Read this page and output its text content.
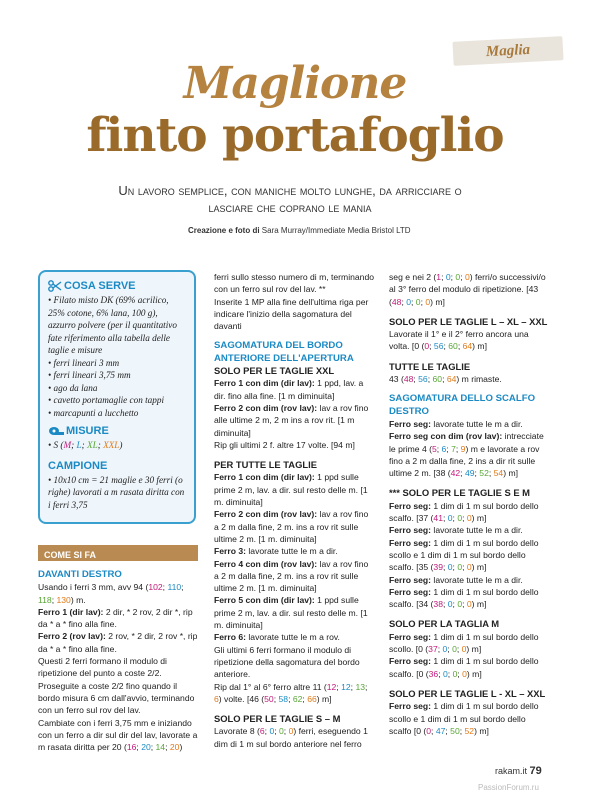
Maglia
Maglione
finto portafoglio
Un lavoro semplice, con maniche molto lunghe, da arricciare o lasciare che coprano le mania
Creazione e foto di Sara Murray/Immediate Media Bristol LTD
COSA SERVE
• Filato misto DK (69% acrilico, 25% cotone, 6% lana, 100 g), azzurro polvere (per il quantitativo fate riferimento alla tabella delle taglie e misure
• ferri lineari 3 mm
• ferri lineari 3,75 mm
• ago da lana
• cavetto portamaglie con tappi
• marcapunti a lucchetto
MISURE
• S (M; L; XL; XXL)
CAMPIONE
• 10x10 cm = 21 maglie e 30 ferri (o righe) lavorati a m rasata diritta con i ferri 3,75
COME SI FA

DAVANTI DESTRO

Usando i ferri 3 mm, avv 94 (102; 110; 118; 130) m.

Ferro 1 (dir lav): 2 dir, * 2 rov, 2 dir *, rip da * a * fino alla fine.

Ferro 2 (rov lav): 2 rov, * 2 dir, 2 rov *, rip da * a * fino alla fine.

Questi 2 ferri formano il modulo di ripetizione del punto a coste 2/2.

Proseguite a coste 2/2 fino quando il bordo misura 6 cm dall'avvio, terminando con un ferro sul rov del lav.

Cambiate con i ferri 3,75 mm e iniziando con un ferro a dir sul dir del lav, lavorate a m rasata diritta per 20 (16; 20; 14; 20)

ferri sullo stesso numero di m, terminando con un ferro sul rov del lav. **

Inserite 1 MP alla fine dell'ultima riga per indicare l'inizio della sagomatura del davanti

SAGOMATURA DEL BORDO ANTERIORE DELL'APERTURA

SOLO PER LE TAGLIE XXL

Ferro 1 con dim (dir lav): 1 ppd, lav. a dir. fino alla fine. [1 m diminuita]

Ferro 2 con dim (rov lav): lav a rov fino alle ultime 2 m, 2 m ins a rov rit. [1 m diminuita]

Rip gli ultimi 2 f. altre 17 volte. [94 m]

PER TUTTE LE TAGLIE

Ferro 1 con dim (dir lav): 1 ppd sulle prime 2 m, lav. a dir. sul resto delle m. [1 m. diminuita]

Ferro 2 con dim (rov lav): lav a rov fino a 2 m dalla fine, 2 m. ins a rov rit sulle ultime 2 m. [1 m. diminuita]

Ferro 3: lavorate tutte le m a dir.

Ferro 4 con dim (rov lav): lav a rov fino a 2 m dalla fine, 2 m. ins a rov rit sulle ultime 2 m. [1 m. diminuita]

Ferro 5 con dim (dir lav): 1 ppd sulle prime 2 m, lav. a dir. sul resto delle m. [1 m. diminuita]

Ferro 6: lavorate tutte le m a rov.

Gli ultimi 6 ferri formano il modulo di ripetizione della sagomatura del bordo anteriore.

Rip dal 1° al 6° ferro altre 11 (12; 12; 13; 6) volte. [46 (50; 58; 62; 66) m]

SOLO PER LE TAGLIE S – M

Lavorate 8 (6; 0; 0; 0) ferri, eseguendo 1 dim di 1 m sul bordo anteriore nel ferro

seg e nei 2 (1; 0; 0; 0) ferri/o successivi/o al 3° ferro del modulo di ripetizione. [43 (48; 0; 0; 0) m]

SOLO PER LE TAGLIE L – XL – XXL

Lavorate il 1° e il 2° ferro ancora una volta. [0 (0; 56; 60; 64) m]

TUTTE LE TAGLIE

43 (48; 56; 60; 64) m rimaste.

SAGOMATURA DELLO SCALFO DESTRO

Ferro seg: lavorate tutte le m a dir.

Ferro seg con dim (rov lav): intrecciate le prime 4 (5; 6; 7; 9) m e lavorate a rov fino a 2 m dalla fine, 2 ins a dir rit sulle ultime 2 m. [38 (42; 49; 52; 54) m]

*** SOLO PER LE TAGLIE S E M

Ferro seg: 1 dim di 1 m sul bordo dello scalfo. [37 (41; 0; 0; 0) m]

Ferro seg: lavorate tutte le m a dir.

Ferro seg: 1 dim di 1 m sul bordo dello scollo e 1 dim di 1 m sul bordo dello scalfo. [35 (39; 0; 0; 0) m]

Ferro seg: lavorate tutte le m a dir.

Ferro seg: 1 dim di 1 m sul bordo dello scalfo. [34 (38; 0; 0; 0) m]

SOLO PER LA TAGLIA M

Ferro seg: 1 dim di 1 m sul bordo dello scollo. [0 (37; 0; 0; 0) m]

Ferro seg: 1 dim di 1 m sul bordo dello scalfo. [0 (36; 0; 0; 0) m]

SOLO PER LE TAGLIE L - XL – XXL

Ferro seg: 1 dim di 1 m sul bordo dello scollo e 1 dim di 1 m sul bordo dello scalfo [0 (0; 47; 50; 52) m]

rakam.it 79
PassionForum.ru
